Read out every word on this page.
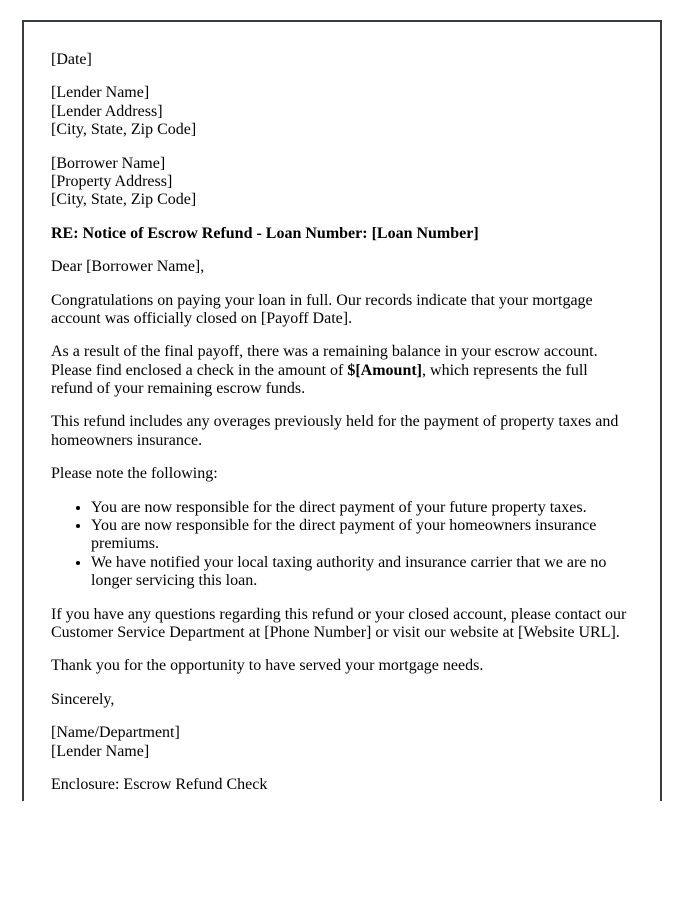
[Date]

[Lender Name]
[Lender Address]
[City, State, Zip Code]

[Borrower Name]
[Property Address]
[City, State, Zip Code]

RE: Notice of Escrow Refund - Loan Number: [Loan Number]

Dear [Borrower Name],

Congratulations on paying your loan in full. Our records indicate that your mortgage account was officially closed on [Payoff Date].

As a result of the final payoff, there was a remaining balance in your escrow account. Please find enclosed a check in the amount of $[Amount], which represents the full refund of your remaining escrow funds.

This refund includes any overages previously held for the payment of property taxes and homeowners insurance.

Please note the following:

• You are now responsible for the direct payment of your future property taxes.
• You are now responsible for the direct payment of your homeowners insurance premiums.
• We have notified your local taxing authority and insurance carrier that we are no longer servicing this loan.

If you have any questions regarding this refund or your closed account, please contact our Customer Service Department at [Phone Number] or visit our website at [Website URL].

Thank you for the opportunity to have served your mortgage needs.

Sincerely,

[Name/Department]
[Lender Name]

Enclosure: Escrow Refund Check
